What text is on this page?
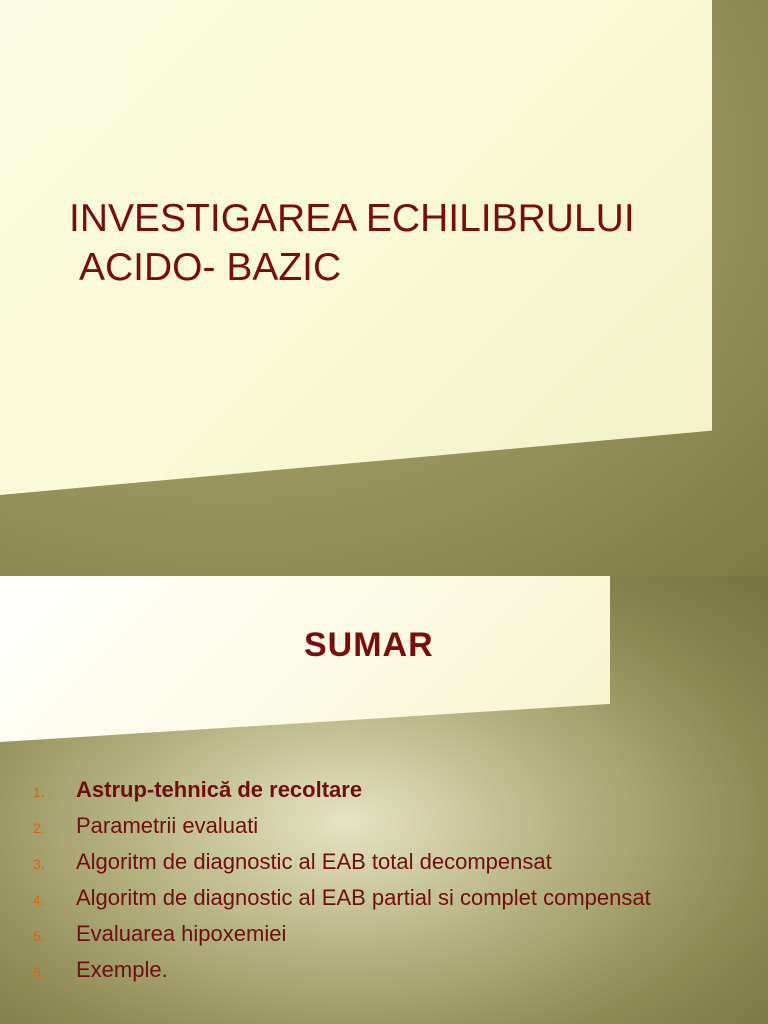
INVESTIGAREA ECHILIBRULUI
ACIDO- BAZIC
SUMAR
1. Astrup-tehnică de recoltare
2. Parametrii evaluati
3. Algoritm de diagnostic al EAB total decompensat
4. Algoritm de diagnostic al EAB partial si complet compensat
5. Evaluarea hipoxemiei
6. Exemple.
